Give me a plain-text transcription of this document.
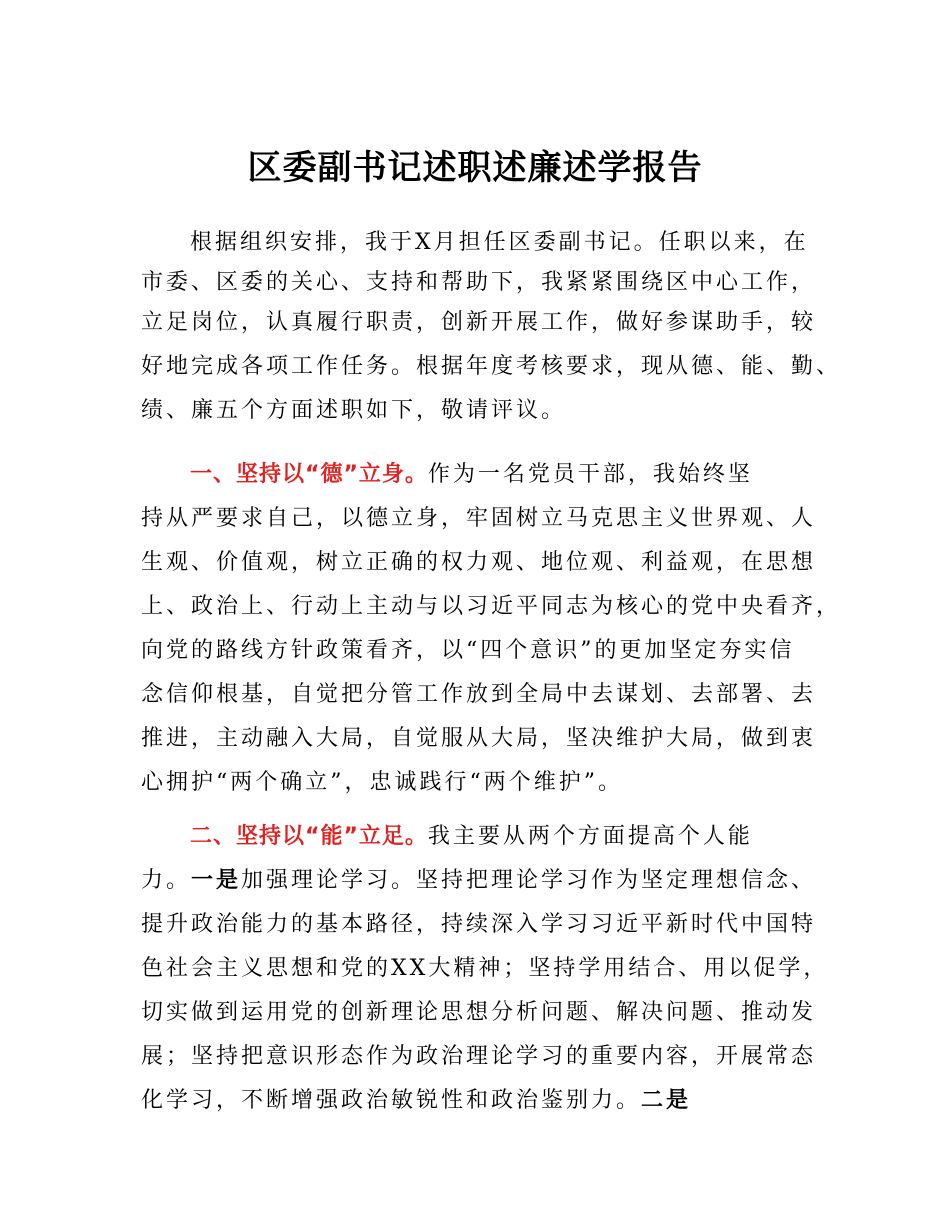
区委副书记述职述廉述学报告
根据组织安排，我于X月担任区委副书记。任职以来，在
市委、区委的关心、支持和帮助下，我紧紧围绕区中心工作，
立足岗位，认真履行职责，创新开展工作，做好参谋助手，较
好地完成各项工作任务。根据年度考核要求，现从德、能、勤、
绩、廉五个方面述职如下，敬请评议。
一、坚持以“德”立身。作为一名党员干部，我始终坚
持从严要求自己，以德立身，牢固树立马克思主义世界观、人
生观、价值观，树立正确的权力观、地位观、利益观，在思想
上、政治上、行动上主动与以习近平同志为核心的党中央看齐，
向党的路线方针政策看齐，以“四个意识”的更加坚定夯实信
念信仰根基，自觉把分管工作放到全局中去谋划、去部署、去
推进，主动融入大局，自觉服从大局，坚决维护大局，做到衷
心拥护“两个确立”，忠诚践行“两个维护”。
二、坚持以“能”立足。我主要从两个方面提高个人能
力。一是加强理论学习。坚持把理论学习作为坚定理想信念、
提升政治能力的基本路径，持续深入学习习近平新时代中国特
色社会主义思想和党的XX大精神；坚持学用结合、用以促学，
切实做到运用党的创新理论思想分析问题、解决问题、推动发
展；坚持把意识形态作为政治理论学习的重要内容，开展常态
化学习，不断增强政治敏锐性和政治鉴别力。二是
